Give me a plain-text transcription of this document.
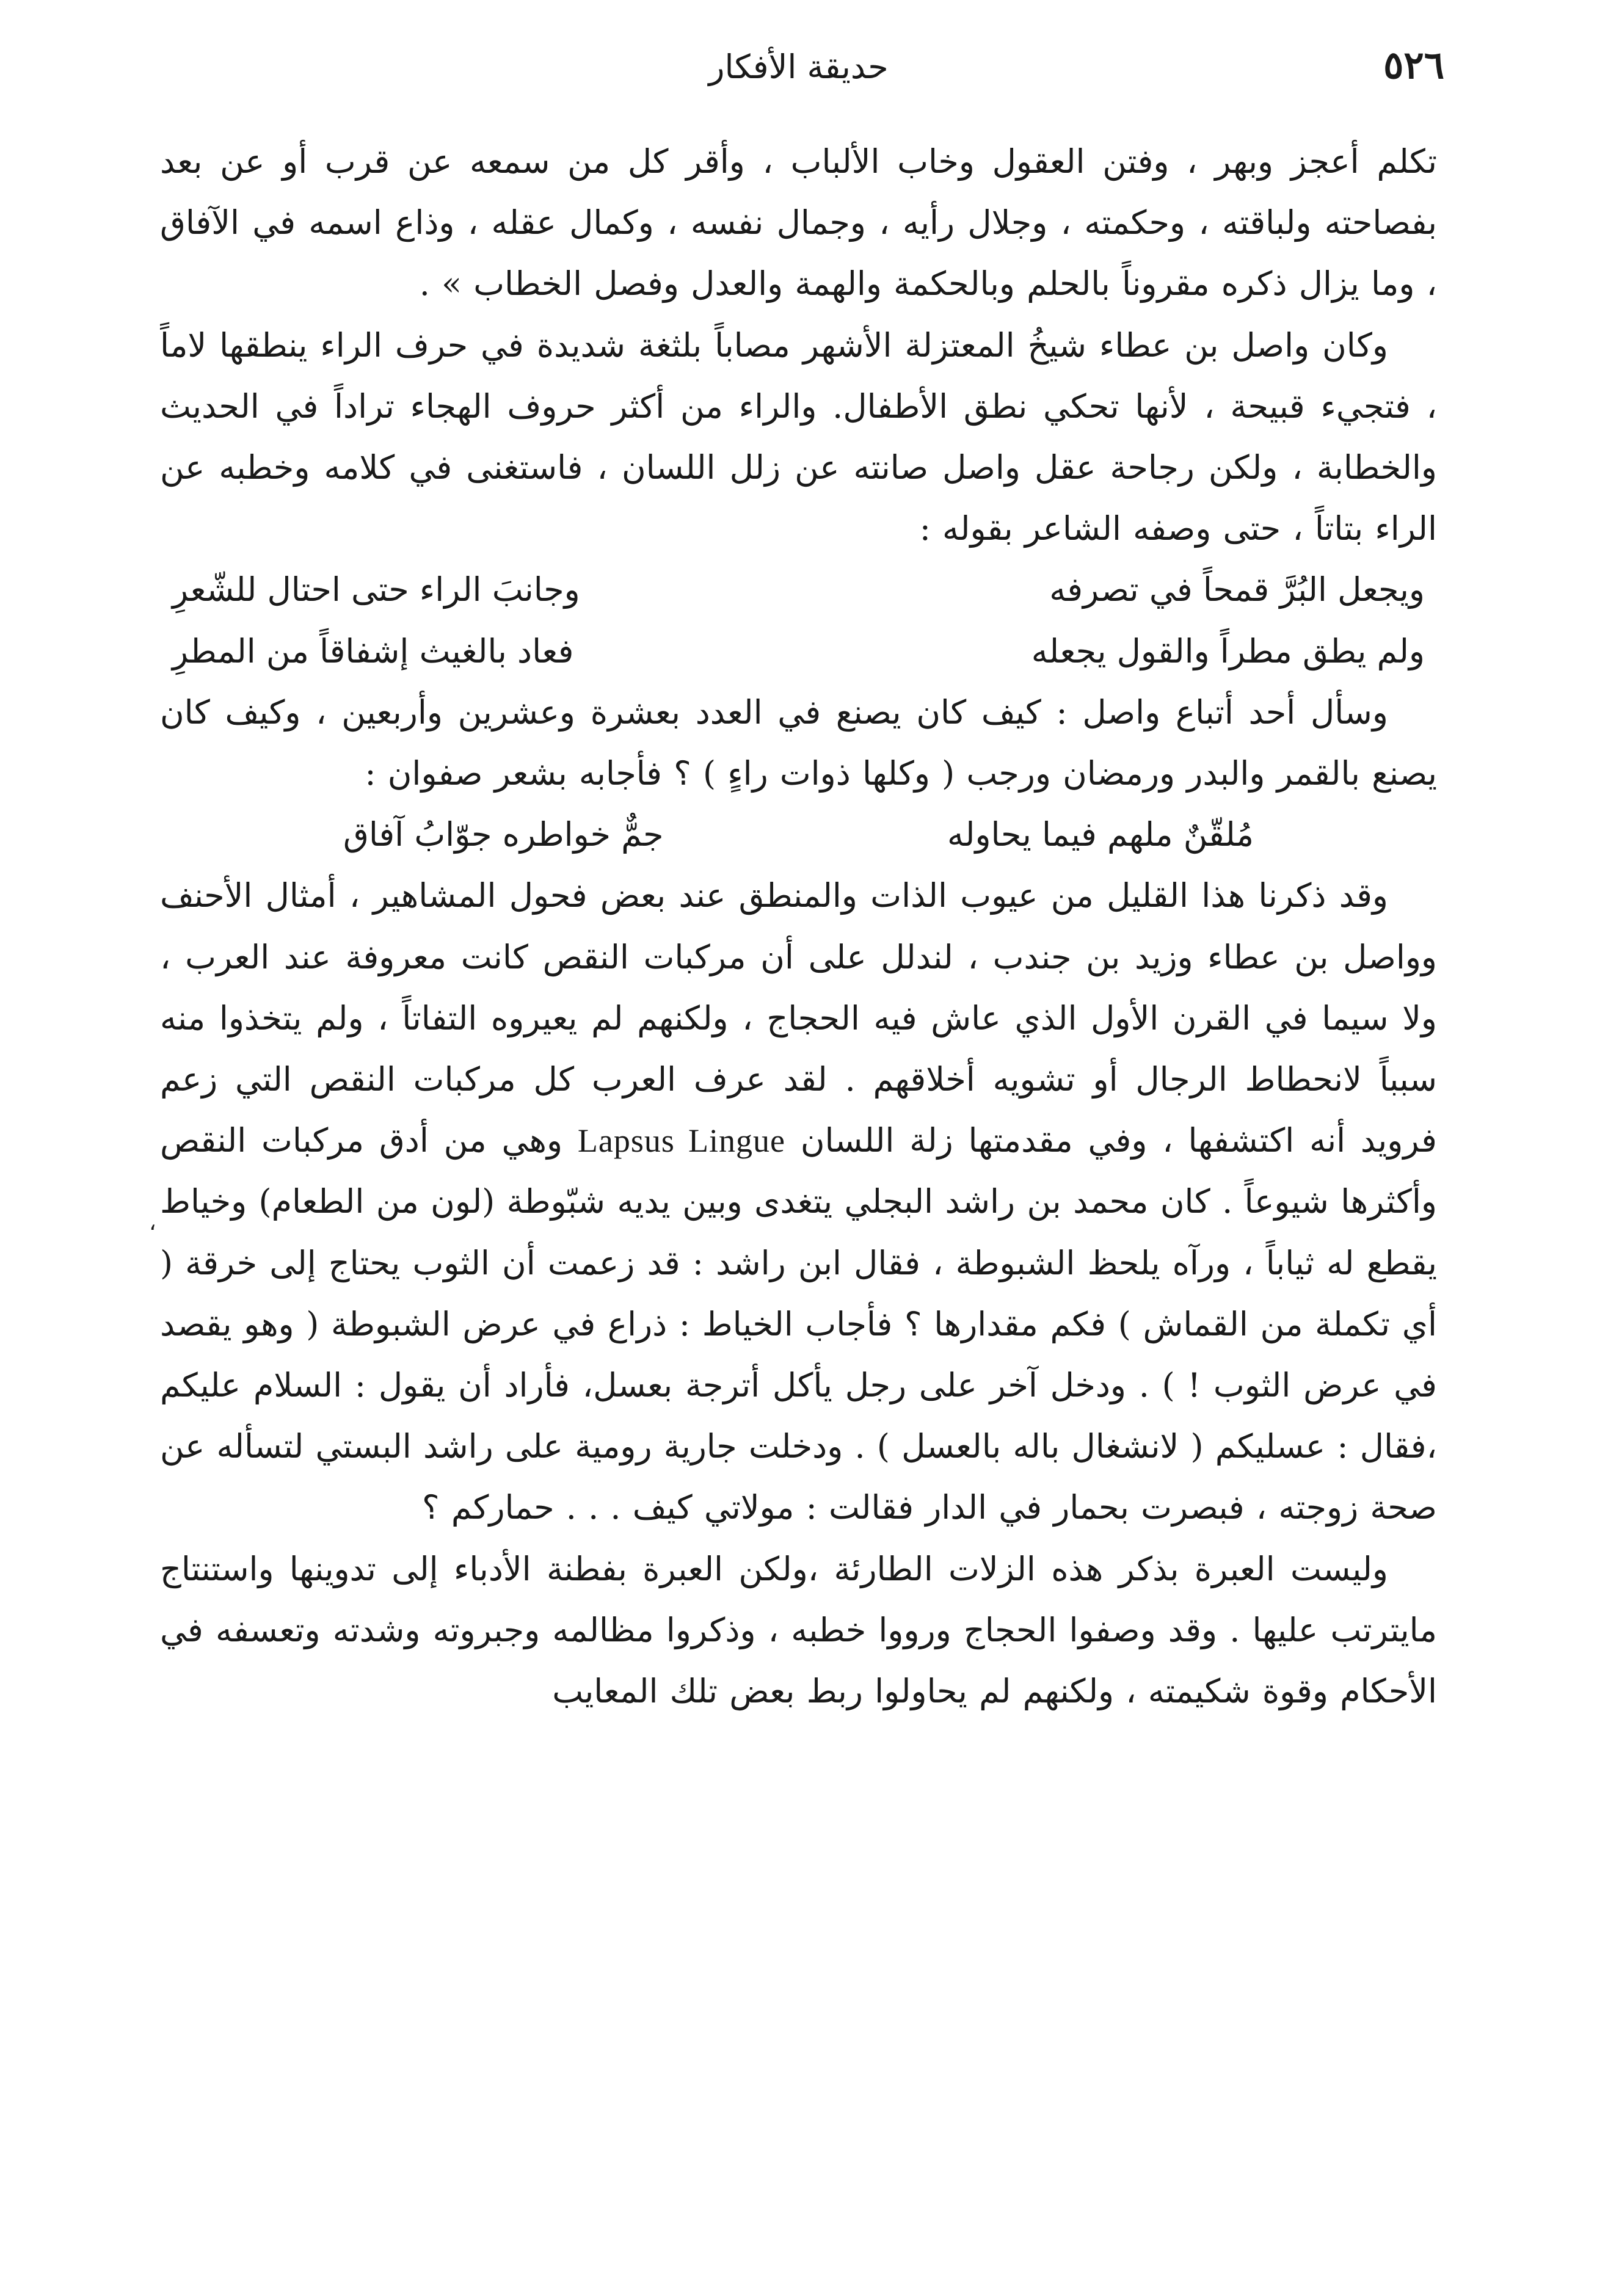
٥٢٦
حديقة الأفكار
،

تكلم أعجز وبهر ، وفتن العقول وخاب الألباب ، وأقر كل من سمعه عن قرب أو عن بعد بفصاحته ولباقته ، وحكمته ، وجلال رأيه ، وجمال نفسه ، وكمال عقله ، وذاع اسمه في الآفاق ، وما يزال ذكره مقروناً بالحلم وبالحكمة والهمة والعدل وفصل الخطاب » .

وكان واصل بن عطاء شيخُ المعتزلة الأشهر مصاباً بلثغة شديدة في حرف الراء ينطقها لاماً ، فتجيء قبيحة ، لأنها تحكي نطق الأطفال. والراء من أكثر حروف الهجاء تراداً في الحديث والخطابة ، ولكن رجاحة عقل واصل صانته عن زلل اللسان ، فاستغنى في كلامه وخطبه عن الراء بتاتاً ، حتى وصفه الشاعر بقوله :

ويجعل البُرَّ قمحاً في تصرفه
وجانبَ الراء حتى احتال للشّعرِ
ولم يطق مطراً والقول يجعله
فعاد بالغيث إشفاقاً من المطرِ

وسأل أحد أتباع واصل : كيف كان يصنع في العدد بعشرة وعشرين وأربعين ، وكيف كان يصنع بالقمر والبدر ورمضان ورجب ( وكلها ذوات راءٍ ) ؟ فأجابه بشعر صفوان :

مُلقّنٌ ملهم فيما يحاوله
جمٌّ خواطره جوّابُ آفاق

وقد ذكرنا هذا القليل من عيوب الذات والمنطق عند بعض فحول المشاهير ، أمثال الأحنف وواصل بن عطاء وزيد بن جندب ، لندلل على أن مركبات النقص كانت معروفة عند العرب ، ولا سيما في القرن الأول الذي عاش فيه الحجاج ، ولكنهم لم يعيروه التفاتاً ، ولم يتخذوا منه سبباً لانحطاط الرجال أو تشويه أخلاقهم . لقد عرف العرب كل مركبات النقص التي زعم فرويد أنه اكتشفها ، وفي مقدمتها زلة اللسان Lapsus Lingue وهي من أدق مركبات النقص وأكثرها شيوعاً . كان محمد بن راشد البجلي يتغدى وبين يديه شبّوطة (لون من الطعام) وخياط يقطع له ثياباً ، ورآه يلحظ الشبوطة ، فقال ابن راشد : قد زعمت أن الثوب يحتاج إلى خرقة ( أي تكملة من القماش ) فكم مقدارها ؟ فأجاب الخياط : ذراع في عرض الشبوطة ( وهو يقصد في عرض الثوب ! ) . ودخل آخر على رجل يأكل أترجة بعسل، فأراد أن يقول : السلام عليكم ،فقال : عسليكم ( لانشغال باله بالعسل ) . ودخلت جارية رومية على راشد البستي لتسأله عن صحة زوجته ، فبصرت بحمار في الدار فقالت : مولاتي كيف . . . حماركم ؟

وليست العبرة بذكر هذه الزلات الطارئة ،ولكن العبرة بفطنة الأدباء إلى تدوينها واستنتاج مايترتب عليها . وقد وصفوا الحجاج ورووا خطبه ، وذكروا مظالمه وجبروته وشدته وتعسفه في الأحكام وقوة شكيمته ، ولكنهم لم يحاولوا ربط بعض تلك المعايب
